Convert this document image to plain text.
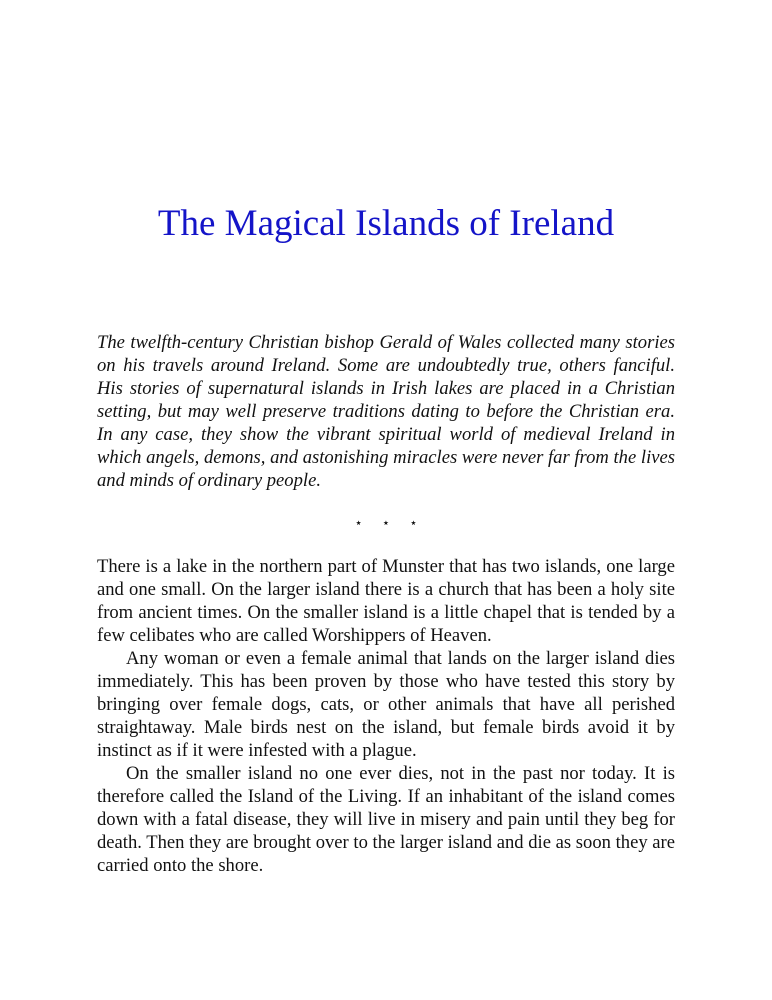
The Magical Islands of Ireland

The twelfth-century Christian bishop Gerald of Wales collected many stories on his travels around Ireland. Some are undoubtedly true, others fanciful. His stories of supernatural islands in Irish lakes are placed in a Christian setting, but may well preserve traditions dating to before the Christian era. In any case, they show the vibrant spiritual world of medieval Ireland in which angels, demons, and astonishing miracles were never far from the lives and minds of ordinary people.

⋆ ⋆ ⋆

There is a lake in the northern part of Munster that has two islands, one large and one small. On the larger island there is a church that has been a holy site from ancient times. On the smaller island is a little chapel that is tended by a few celibates who are called Worshippers of Heaven.

Any woman or even a female animal that lands on the larger island dies immediately. This has been proven by those who have tested this story by bringing over female dogs, cats, or other animals that have all perished straightaway. Male birds nest on the island, but female birds avoid it by instinct as if it were infested with a plague.

On the smaller island no one ever dies, not in the past nor today. It is therefore called the Island of the Living. If an inhabitant of the island comes down with a fatal disease, they will live in misery and pain until they beg for death. Then they are brought over to the larger island and die as soon they are carried onto the shore.
